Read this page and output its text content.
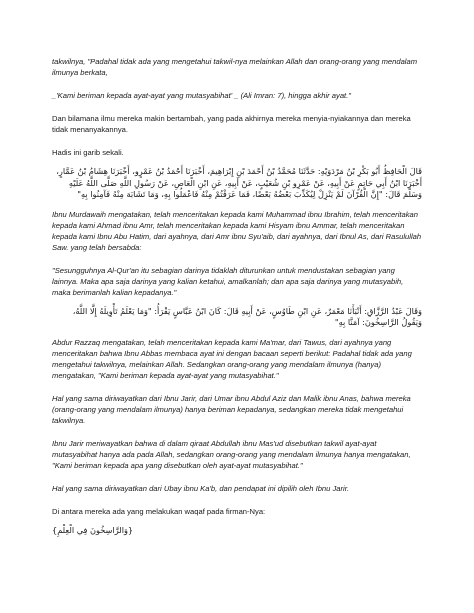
takwilnya, "Padahal tidak ada yang mengetahui takwil-nya melainkan Allah dan orang-orang yang mendalam ilmunya berkata,

_'Kami beriman kepada ayat-ayat yang mutasyabihat' _ (Ali Imran: 7), hingga akhir ayat."

Dan bilamana ilmu mereka makin bertambah, yang pada akhirnya mereka menyia-nyiakannya dan mereka tidak menanyakannya.

Hadis ini garib sekali.

قَالَ الْحَافِظُ أَبُو بَكْرِ بْنُ مَرْدَوَيْهِ: حَدَّثَنَا مُحَمَّدُ بْنُ أَحْمَدَ بْنِ إِبْرَاهِيمَ، أَخْبَرَنَا أَحْمَدُ بْنُ عَمْرٍو، أَخْبَرَنَا هِشَامُ بْنُ عَمَّارٍ، أَخْبَرَنَا ابْنُ أَبِي حَاتِمٍ عَنْ أَبِيهِ، عَنْ عَمْرِو بْنِ شُعَيْبٍ، عَنْ أَبِيهِ، عَنِ ابْنِ الْعَاصِ، عَنْ رَسُولِ اللَّهِ صَلَّى اللَّهُ عَلَيْهِ وَسَلَّمَ قَالَ: "إِنَّ الْقُرْآنَ لَمْ يَنْزِلْ لِيُكَذِّبَ بَعْضُهُ بَعْضًا، فَمَا عَرَفْتُمْ مِنْهُ فَاعْمَلُوا بِهِ، وَمَا تَشَابَهَ مِنْهُ فَآمِنُوا بِهِ"

Ibnu Murdawaih mengatakan, telah menceritakan kepada kami Muhammad ibnu Ibrahim, telah menceritakan kepada kami Ahmad ibnu Amr, telah menceritakan kepada kami Hisyam ibnu Ammar, telah menceritakan kepada kami Ibnu Abu Hatim, dari ayahnya, dari Amr ibnu Syu'aib, dari ayahnya, dari Ibnul As, dari Rasulullah Saw. yang telah bersabda:

"Sesungguhnya Al-Qur'an itu sebagian darinya tidaklah diturunkan untuk mendustakan sebagian yang lainnya. Maka apa saja darinya yang kalian ketahui, amalkanlah; dan apa saja darinya yang mutasyabih, maka berimanlah kalian kepadanya."

وَقَالَ عَبْدُ الرَّزَّاقِ: أَنْبَأَنَا مَعْمَرٌ، عَنِ ابْنِ طَاوُسٍ، عَنْ أَبِيهِ قَالَ: كَانَ ابْنُ عَبَّاسٍ يَقْرَأُ: "وَمَا يَعْلَمُ تَأْوِيلَهُ إِلَّا اللَّهُ، وَيَقُولُ الرَّاسِخُونَ: آمَنَّا بِهِ"

Abdur Razzaq mengatakan, telah menceritakan kepada kami Ma'mar, dari Tawus, dari ayahnya yang menceritakan bahwa Ibnu Abbas membaca ayat ini dengan bacaan seperti berikut: Padahal tidak ada yang mengetahui takwilnya, melainkan Allah. Sedangkan orang-orang yang mendalam ilmunya (hanya) mengatakan, "Kami beriman kepada ayat-ayat yang mutasyabihat."

Hal yang sama diriwayatkan dari Ibnu Jarir, dari Umar ibnu Abdul Aziz dan Malik ibnu Anas, bahwa mereka (orang-orang yang mendalam ilmunya) hanya beriman kepadanya, sedangkan mereka tidak mengetahui takwilnya.

Ibnu Jarir meriwayatkan bahwa di dalam qiraat Abdullah ibnu Mas'ud disebutkan takwil ayat-ayat mutasyabihat hanya ada pada Allah, sedangkan orang-orang yang mendalam ilmunya hanya mengatakan, "Kami beriman kepada apa yang disebutkan oleh ayat-ayat mutasyabihat."

Hal yang sama diriwayatkan dari Ubay ibnu Ka'b, dan pendapat ini dipilih oleh Ibnu Jarir.

Di antara mereka ada yang melakukan waqaf pada firman-Nya:

{وَالرَّاسِخُونَ فِي الْعِلْمِ}
